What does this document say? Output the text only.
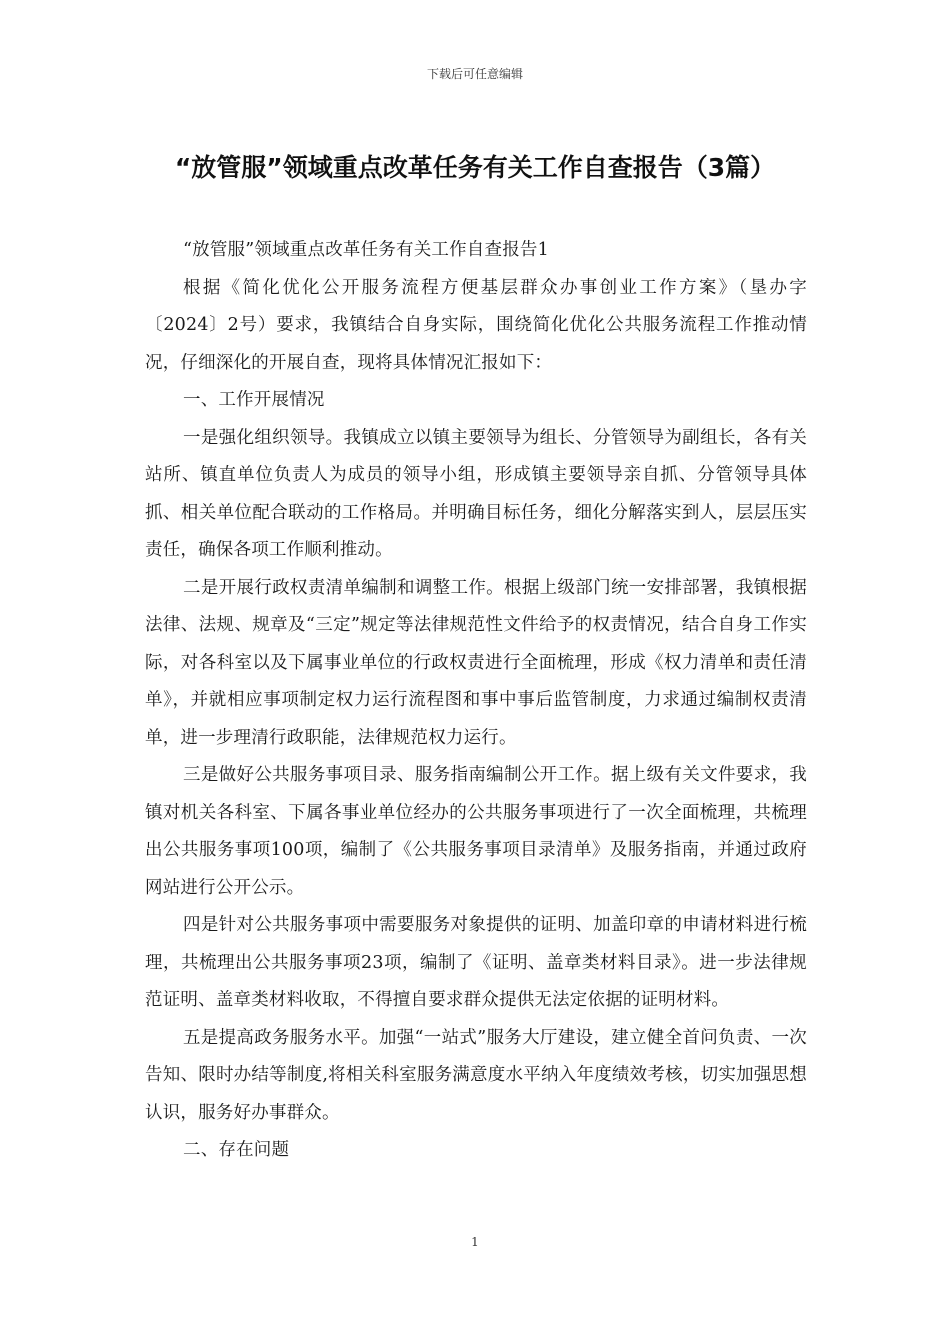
下载后可任意编辑
“放管服”领域重点改革任务有关工作自查报告（3篇）

“放管服”领域重点改革任务有关工作自查报告1

根据《简化优化公开服务流程方便基层群众办事创业工作方案》（垦办字〔2024〕2号）要求，我镇结合自身实际，围绕简化优化公共服务流程工作推动情况，仔细深化的开展自查，现将具体情况汇报如下：

一、工作开展情况

一是强化组织领导。我镇成立以镇主要领导为组长、分管领导为副组长，各有关站所、镇直单位负责人为成员的领导小组，形成镇主要领导亲自抓、分管领导具体抓、相关单位配合联动的工作格局。并明确目标任务，细化分解落实到人，层层压实责任，确保各项工作顺利推动。

二是开展行政权责清单编制和调整工作。根据上级部门统一安排部署，我镇根据法律、法规、规章及“三定”规定等法律规范性文件给予的权责情况，结合自身工作实际，对各科室以及下属事业单位的行政权责进行全面梳理，形成《权力清单和责任清单》，并就相应事项制定权力运行流程图和事中事后监管制度，力求通过编制权责清单，进一步理清行政职能，法律规范权力运行。

三是做好公共服务事项目录、服务指南编制公开工作。据上级有关文件要求，我镇对机关各科室、下属各事业单位经办的公共服务事项进行了一次全面梳理，共梳理出公共服务事项100项，编制了《公共服务事项目录清单》及服务指南，并通过政府网站进行公开公示。

四是针对公共服务事项中需要服务对象提供的证明、加盖印章的申请材料进行梳理，共梳理出公共服务事项23项，编制了《证明、盖章类材料目录》。进一步法律规范证明、盖章类材料收取，不得擅自要求群众提供无法定依据的证明材料。

五是提高政务服务水平。加强“一站式”服务大厅建设，建立健全首问负责、一次告知、限时办结等制度,将相关科室服务满意度水平纳入年度绩效考核，切实加强思想认识，服务好办事群众。

二、存在问题

1
